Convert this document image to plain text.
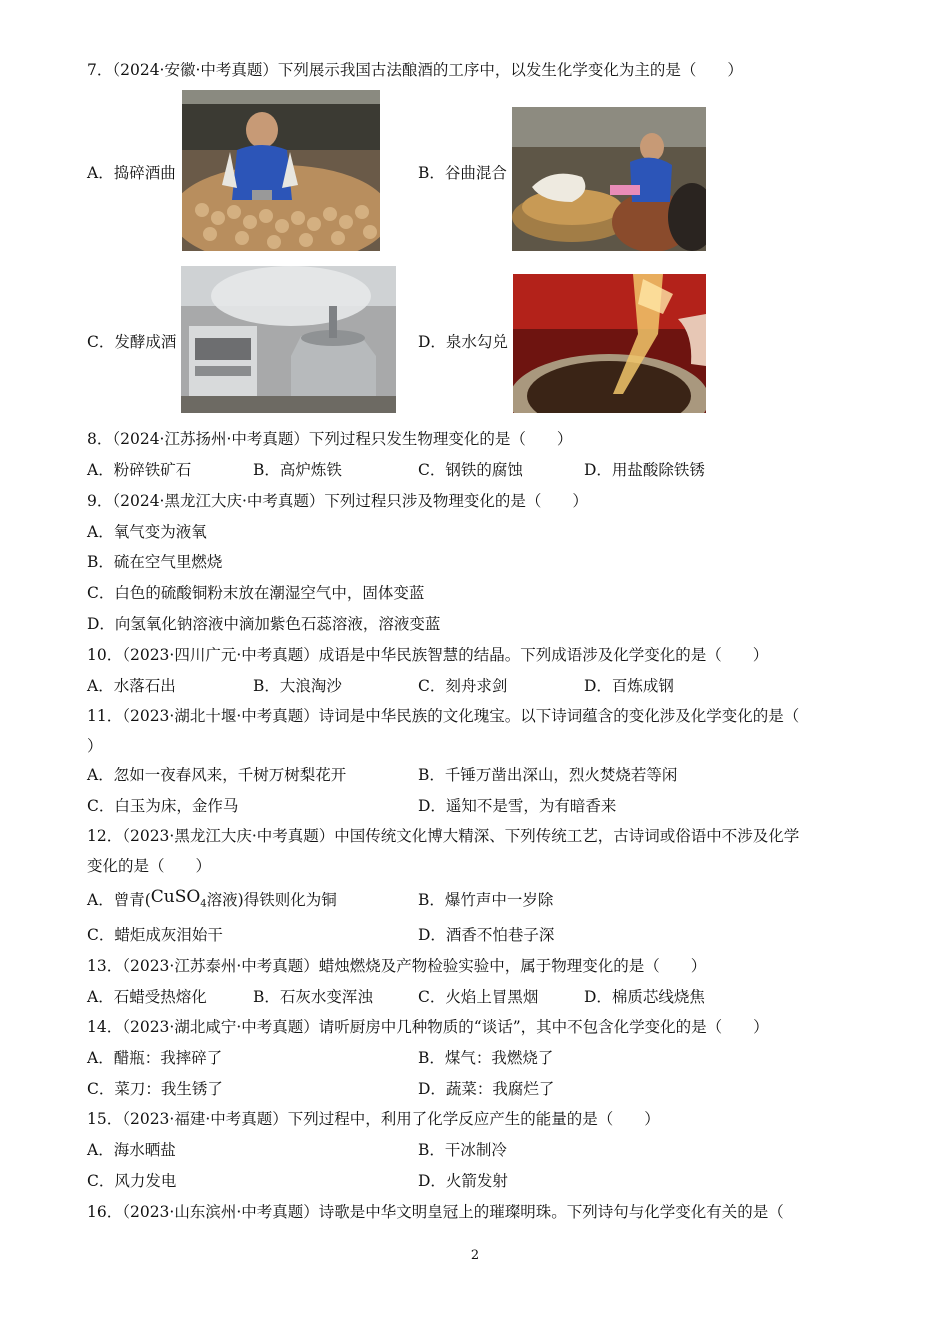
7．（2024·安徽·中考真题）下列展示我国古法酿酒的工序中，以发生化学变化为主的是（　　）
A．捣碎酒曲	B．谷曲混合
C．发酵成酒	D．泉水勾兑
8．（2024·江苏扬州·中考真题）下列过程只发生物理变化的是（　　）
A．粉碎铁矿石	B．高炉炼铁	C．钢铁的腐蚀	D．用盐酸除铁锈
9．（2024·黑龙江大庆·中考真题）下列过程只涉及物理变化的是（　　）
A．氧气变为液氧
B．硫在空气里燃烧
C．白色的硫酸铜粉末放在潮湿空气中，固体变蓝
D．向氢氧化钠溶液中滴加紫色石蕊溶液，溶液变蓝
10．（2023·四川广元·中考真题）成语是中华民族智慧的结晶。下列成语涉及化学变化的是（　　）
A．水落石出	B．大浪淘沙	C．刻舟求剑	D．百炼成钢
11．（2023·湖北十堰·中考真题）诗词是中华民族的文化瑰宝。以下诗词蕴含的变化涉及化学变化的是（
）
A．忽如一夜春风来，千树万树梨花开	B．千锤万凿出深山，烈火焚烧若等闲
C．白玉为床，金作马	D．遥知不是雪，为有暗香来
12．（2023·黑龙江大庆·中考真题）中国传统文化博大精深、下列传统工艺，古诗词或俗语中不涉及化学
变化的是（　　）
A．曾青(CuSO$_4$溶液)得铁则化为铜	B．爆竹声中一岁除
C．蜡炬成灰泪始干	D．酒香不怕巷子深
13．（2023·江苏泰州·中考真题）蜡烛燃烧及产物检验实验中，属于物理变化的是（　　）
A．石蜡受热熔化	B．石灰水变浑浊	C．火焰上冒黑烟	D．棉质芯线烧焦
14．（2023·湖北咸宁·中考真题）请听厨房中几种物质的“谈话”，其中不包含化学变化的是（　　）
A．醋瓶：我摔碎了	B．煤气：我燃烧了
C．菜刀：我生锈了	D．蔬菜：我腐烂了
15．（2023·福建·中考真题）下列过程中，利用了化学反应产生的能量的是（　　）
A．海水晒盐	B．干冰制冷
C．风力发电	D．火箭发射
16．（2023·山东滨州·中考真题）诗歌是中华文明皇冠上的璀璨明珠。下列诗句与化学变化有关的是（
2
